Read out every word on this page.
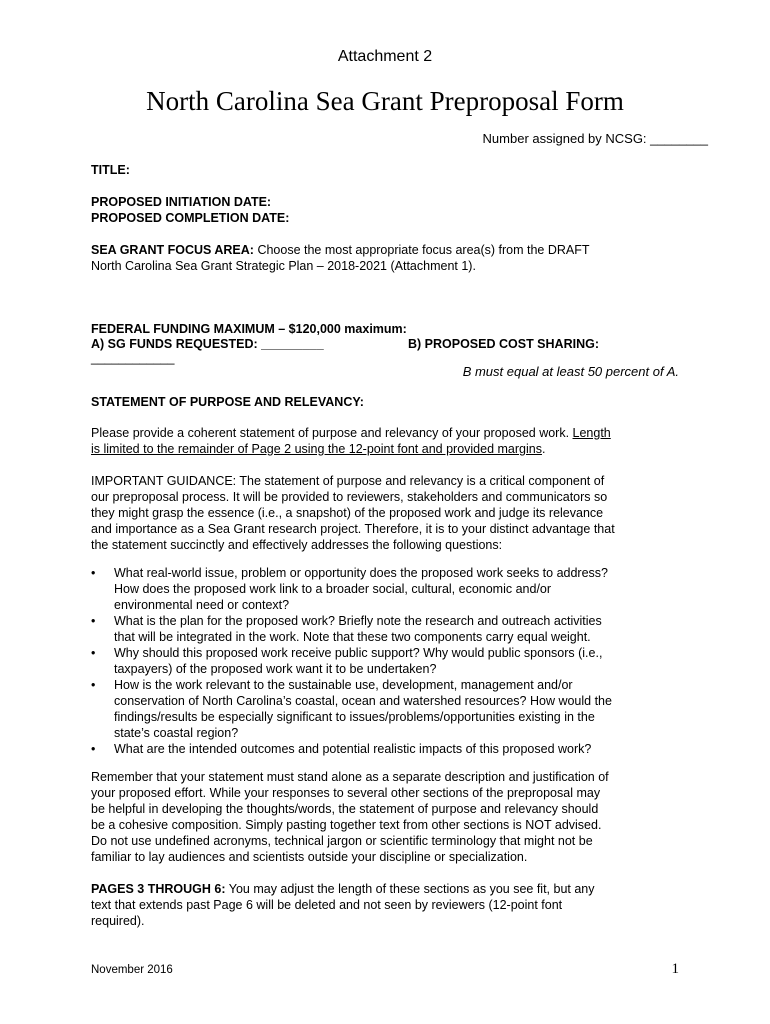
Attachment 2
North Carolina Sea Grant Preproposal Form
Number assigned by NCSG: ________
TITLE:
PROPOSED INITIATION DATE:
PROPOSED COMPLETION DATE:
SEA GRANT FOCUS AREA: Choose the most appropriate focus area(s) from the DRAFT
North Carolina Sea Grant Strategic Plan – 2018-2021 (Attachment 1).
FEDERAL FUNDING MAXIMUM – $120,000 maximum:
A) SG FUNDS REQUESTED: _________	B) PROPOSED COST SHARING:
____________
B must equal at least 50 percent of A.
STATEMENT OF PURPOSE AND RELEVANCY:
Please provide a coherent statement of purpose and relevancy of your proposed work. Length
is limited to the remainder of Page 2 using the 12-point font and provided margins.
IMPORTANT GUIDANCE: The statement of purpose and relevancy is a critical component of
our preproposal process. It will be provided to reviewers, stakeholders and communicators so
they might grasp the essence (i.e., a snapshot) of the proposed work and judge its relevance
and importance as a Sea Grant research project. Therefore, it is to your distinct advantage that
the statement succinctly and effectively addresses the following questions:
• What real-world issue, problem or opportunity does the proposed work seeks to address?
How does the proposed work link to a broader social, cultural, economic and/or
environmental need or context?
• What is the plan for the proposed work? Briefly note the research and outreach activities
that will be integrated in the work. Note that these two components carry equal weight.
• Why should this proposed work receive public support? Why would public sponsors (i.e.,
taxpayers) of the proposed work want it to be undertaken?
• How is the work relevant to the sustainable use, development, management and/or
conservation of North Carolina’s coastal, ocean and watershed resources? How would the
findings/results be especially significant to issues/problems/opportunities existing in the
state’s coastal region?
• What are the intended outcomes and potential realistic impacts of this proposed work?
Remember that your statement must stand alone as a separate description and justification of
your proposed effort. While your responses to several other sections of the preproposal may
be helpful in developing the thoughts/words, the statement of purpose and relevancy should
be a cohesive composition. Simply pasting together text from other sections is NOT advised.
Do not use undefined acronyms, technical jargon or scientific terminology that might not be
familiar to lay audiences and scientists outside your discipline or specialization.
PAGES 3 THROUGH 6: You may adjust the length of these sections as you see fit, but any
text that extends past Page 6 will be deleted and not seen by reviewers (12-point font
required).
November 2016	1
